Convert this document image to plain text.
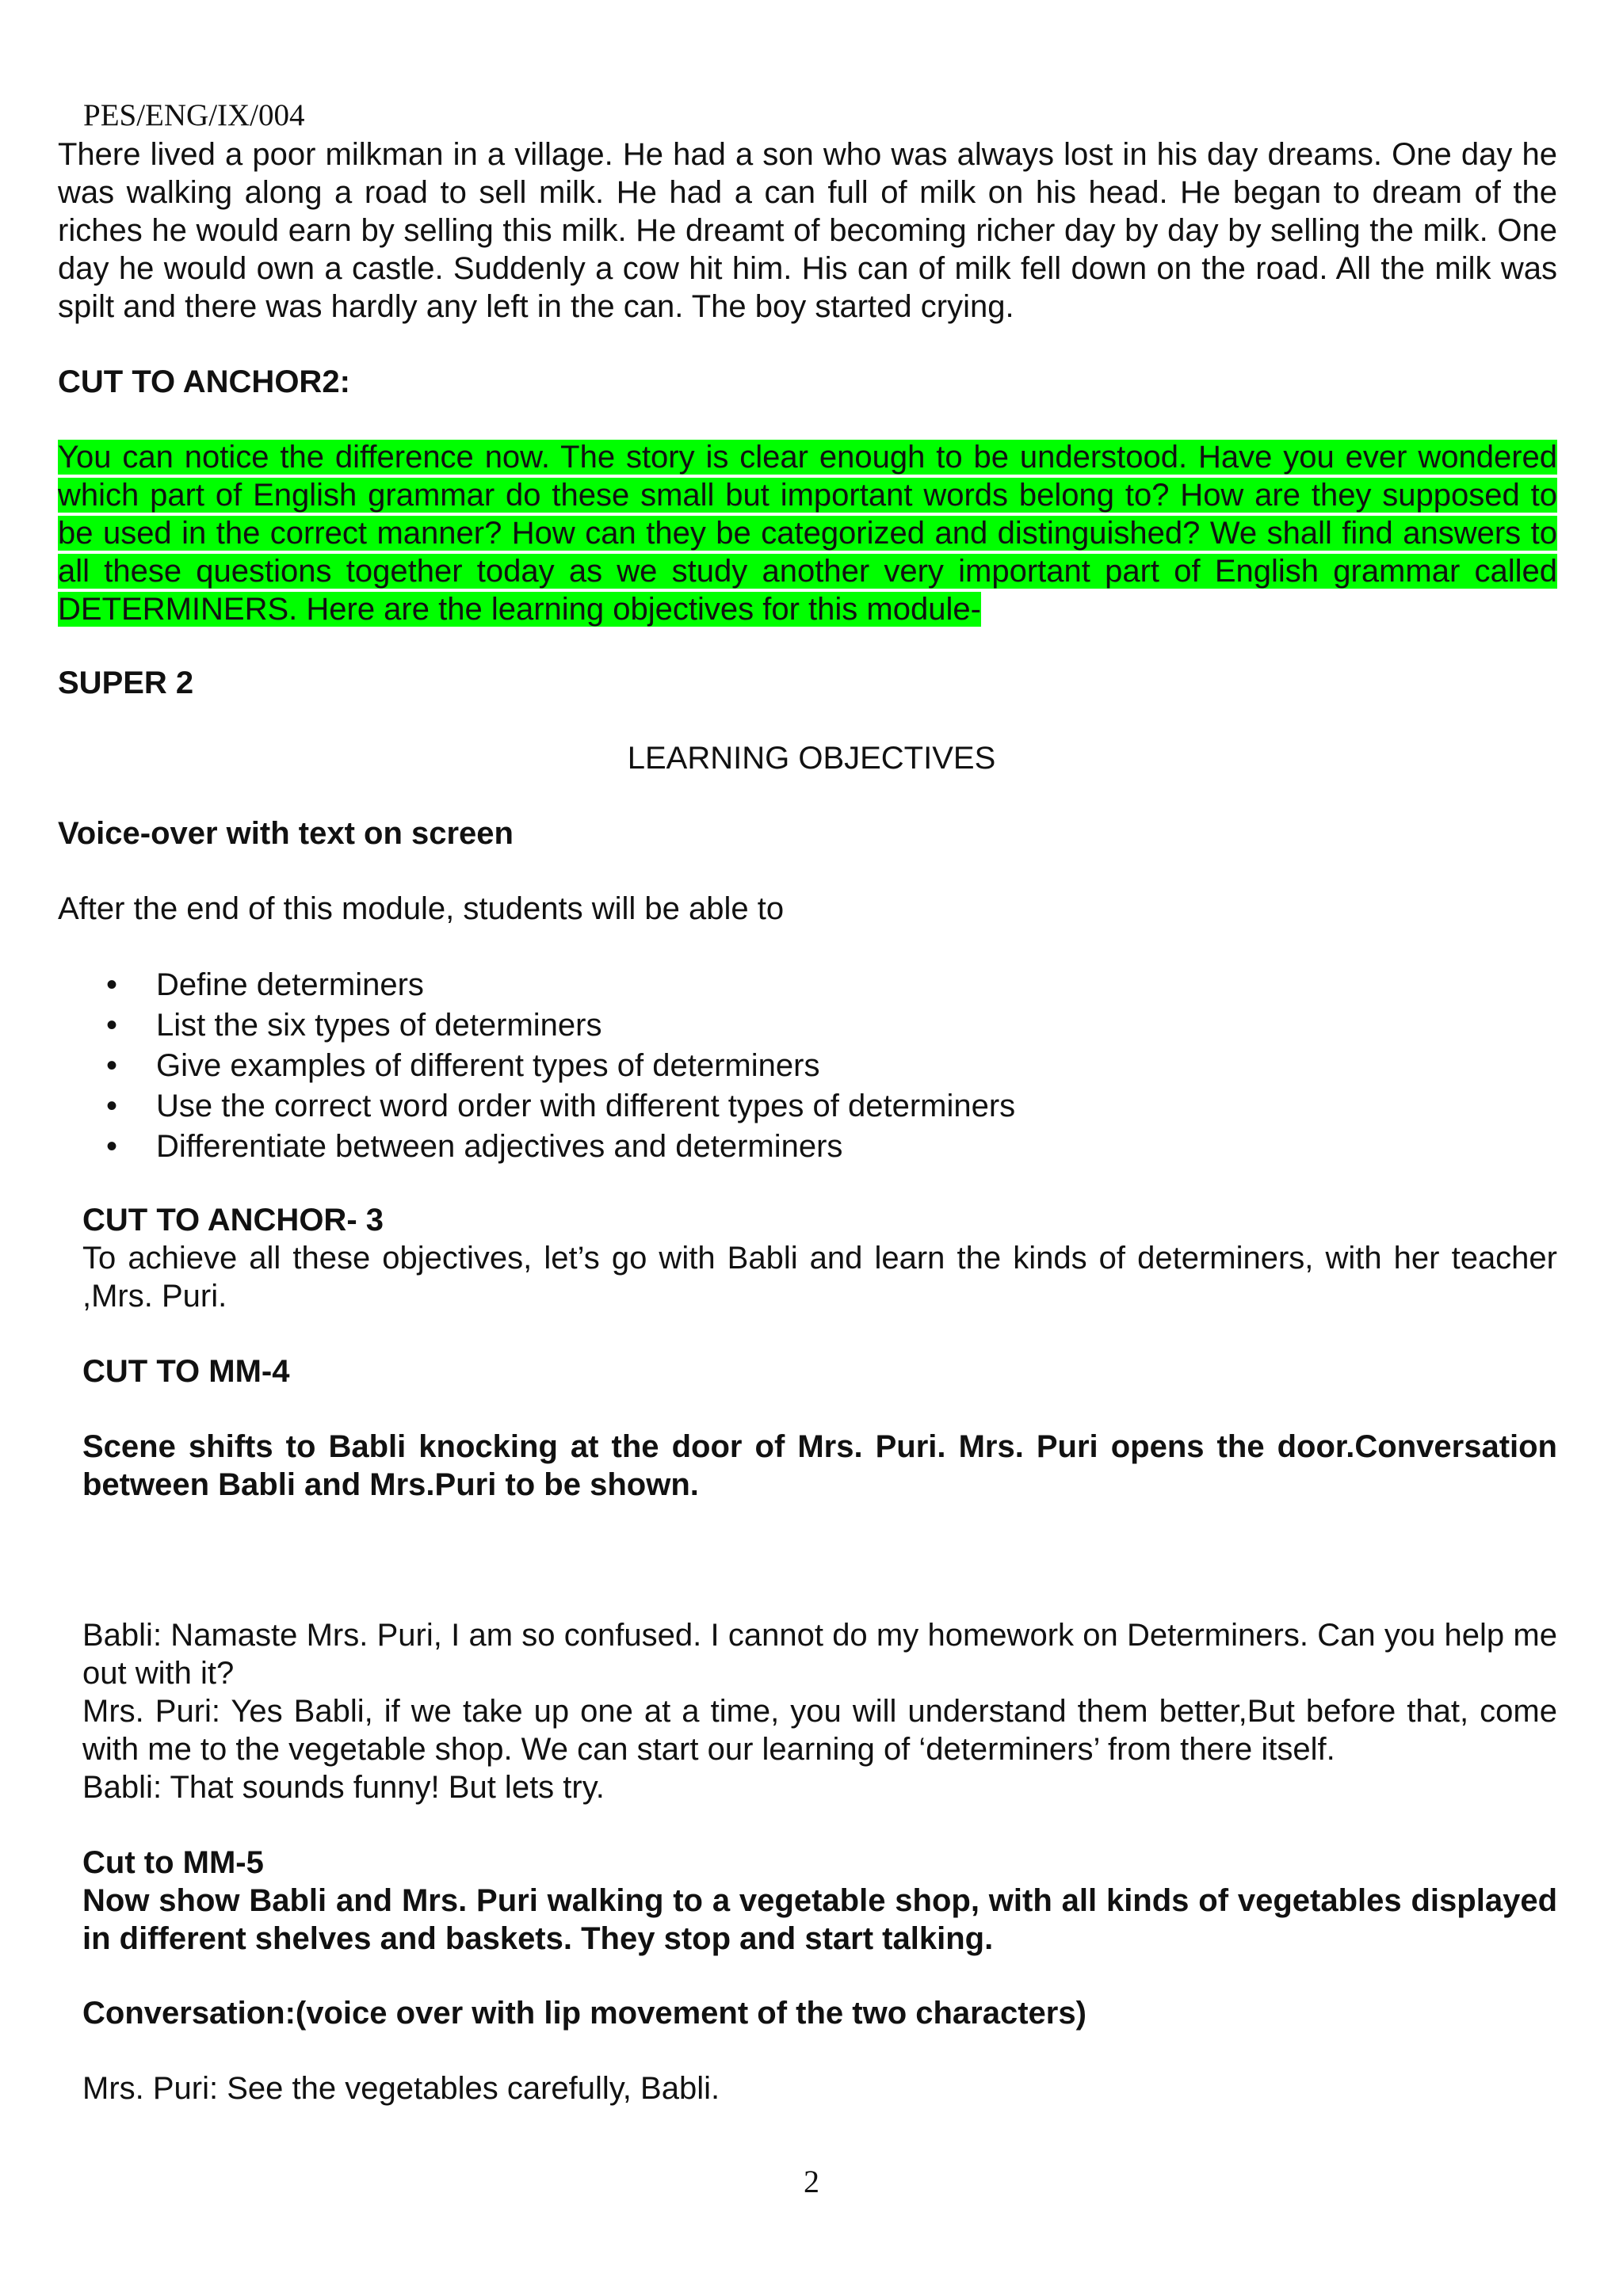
PES/ENG/IX/004

There lived a poor milkman in a village. He had a son who was always lost in his day dreams. One day he was walking along a road to sell milk. He had a can full of milk on his head. He began to dream of the riches he would earn by selling this milk. He dreamt of becoming richer day by day by selling the milk. One day he would own a castle. Suddenly a cow hit him. His can of milk fell down on the road. All the milk was spilt and there was hardly any left in the can. The boy started crying.

CUT TO ANCHOR2:

You can notice the difference now. The story is clear enough to be understood. Have you ever wondered which part of English grammar do these small but important words belong to? How are they supposed to be used in the correct manner? How can they be categorized and distinguished? We shall find answers to all these questions together today as we study another very important part of English grammar called DETERMINERS. Here are the learning objectives for this module-

SUPER 2

LEARNING OBJECTIVES

Voice-over with text on screen

After the end of this module, students will be able to

• Define determiners
• List the six types of determiners
• Give examples of different types of determiners
• Use the correct word order with different types of determiners
• Differentiate between adjectives and determiners

CUT TO ANCHOR- 3

To achieve all these objectives, let’s go with Babli and learn the kinds of determiners, with her teacher ,Mrs. Puri.

CUT TO MM-4

Scene shifts to Babli knocking at the door of Mrs. Puri. Mrs. Puri opens the door.Conversation between Babli and Mrs.Puri to be shown.

Babli: Namaste Mrs. Puri, I am so confused. I cannot do my homework on Determiners. Can you help me out with it?

Mrs. Puri: Yes Babli, if we take up one at a time, you will understand them better,But before that, come with me to the vegetable shop. We can start our learning of ‘determiners’ from there itself.

Babli: That sounds funny! But lets try.

Cut to MM-5

Now show Babli and Mrs. Puri walking to a vegetable shop, with all kinds of vegetables displayed in different shelves and baskets. They stop and start talking.

Conversation:(voice over with lip movement of the two characters)

Mrs. Puri: See the vegetables carefully, Babli.

2
